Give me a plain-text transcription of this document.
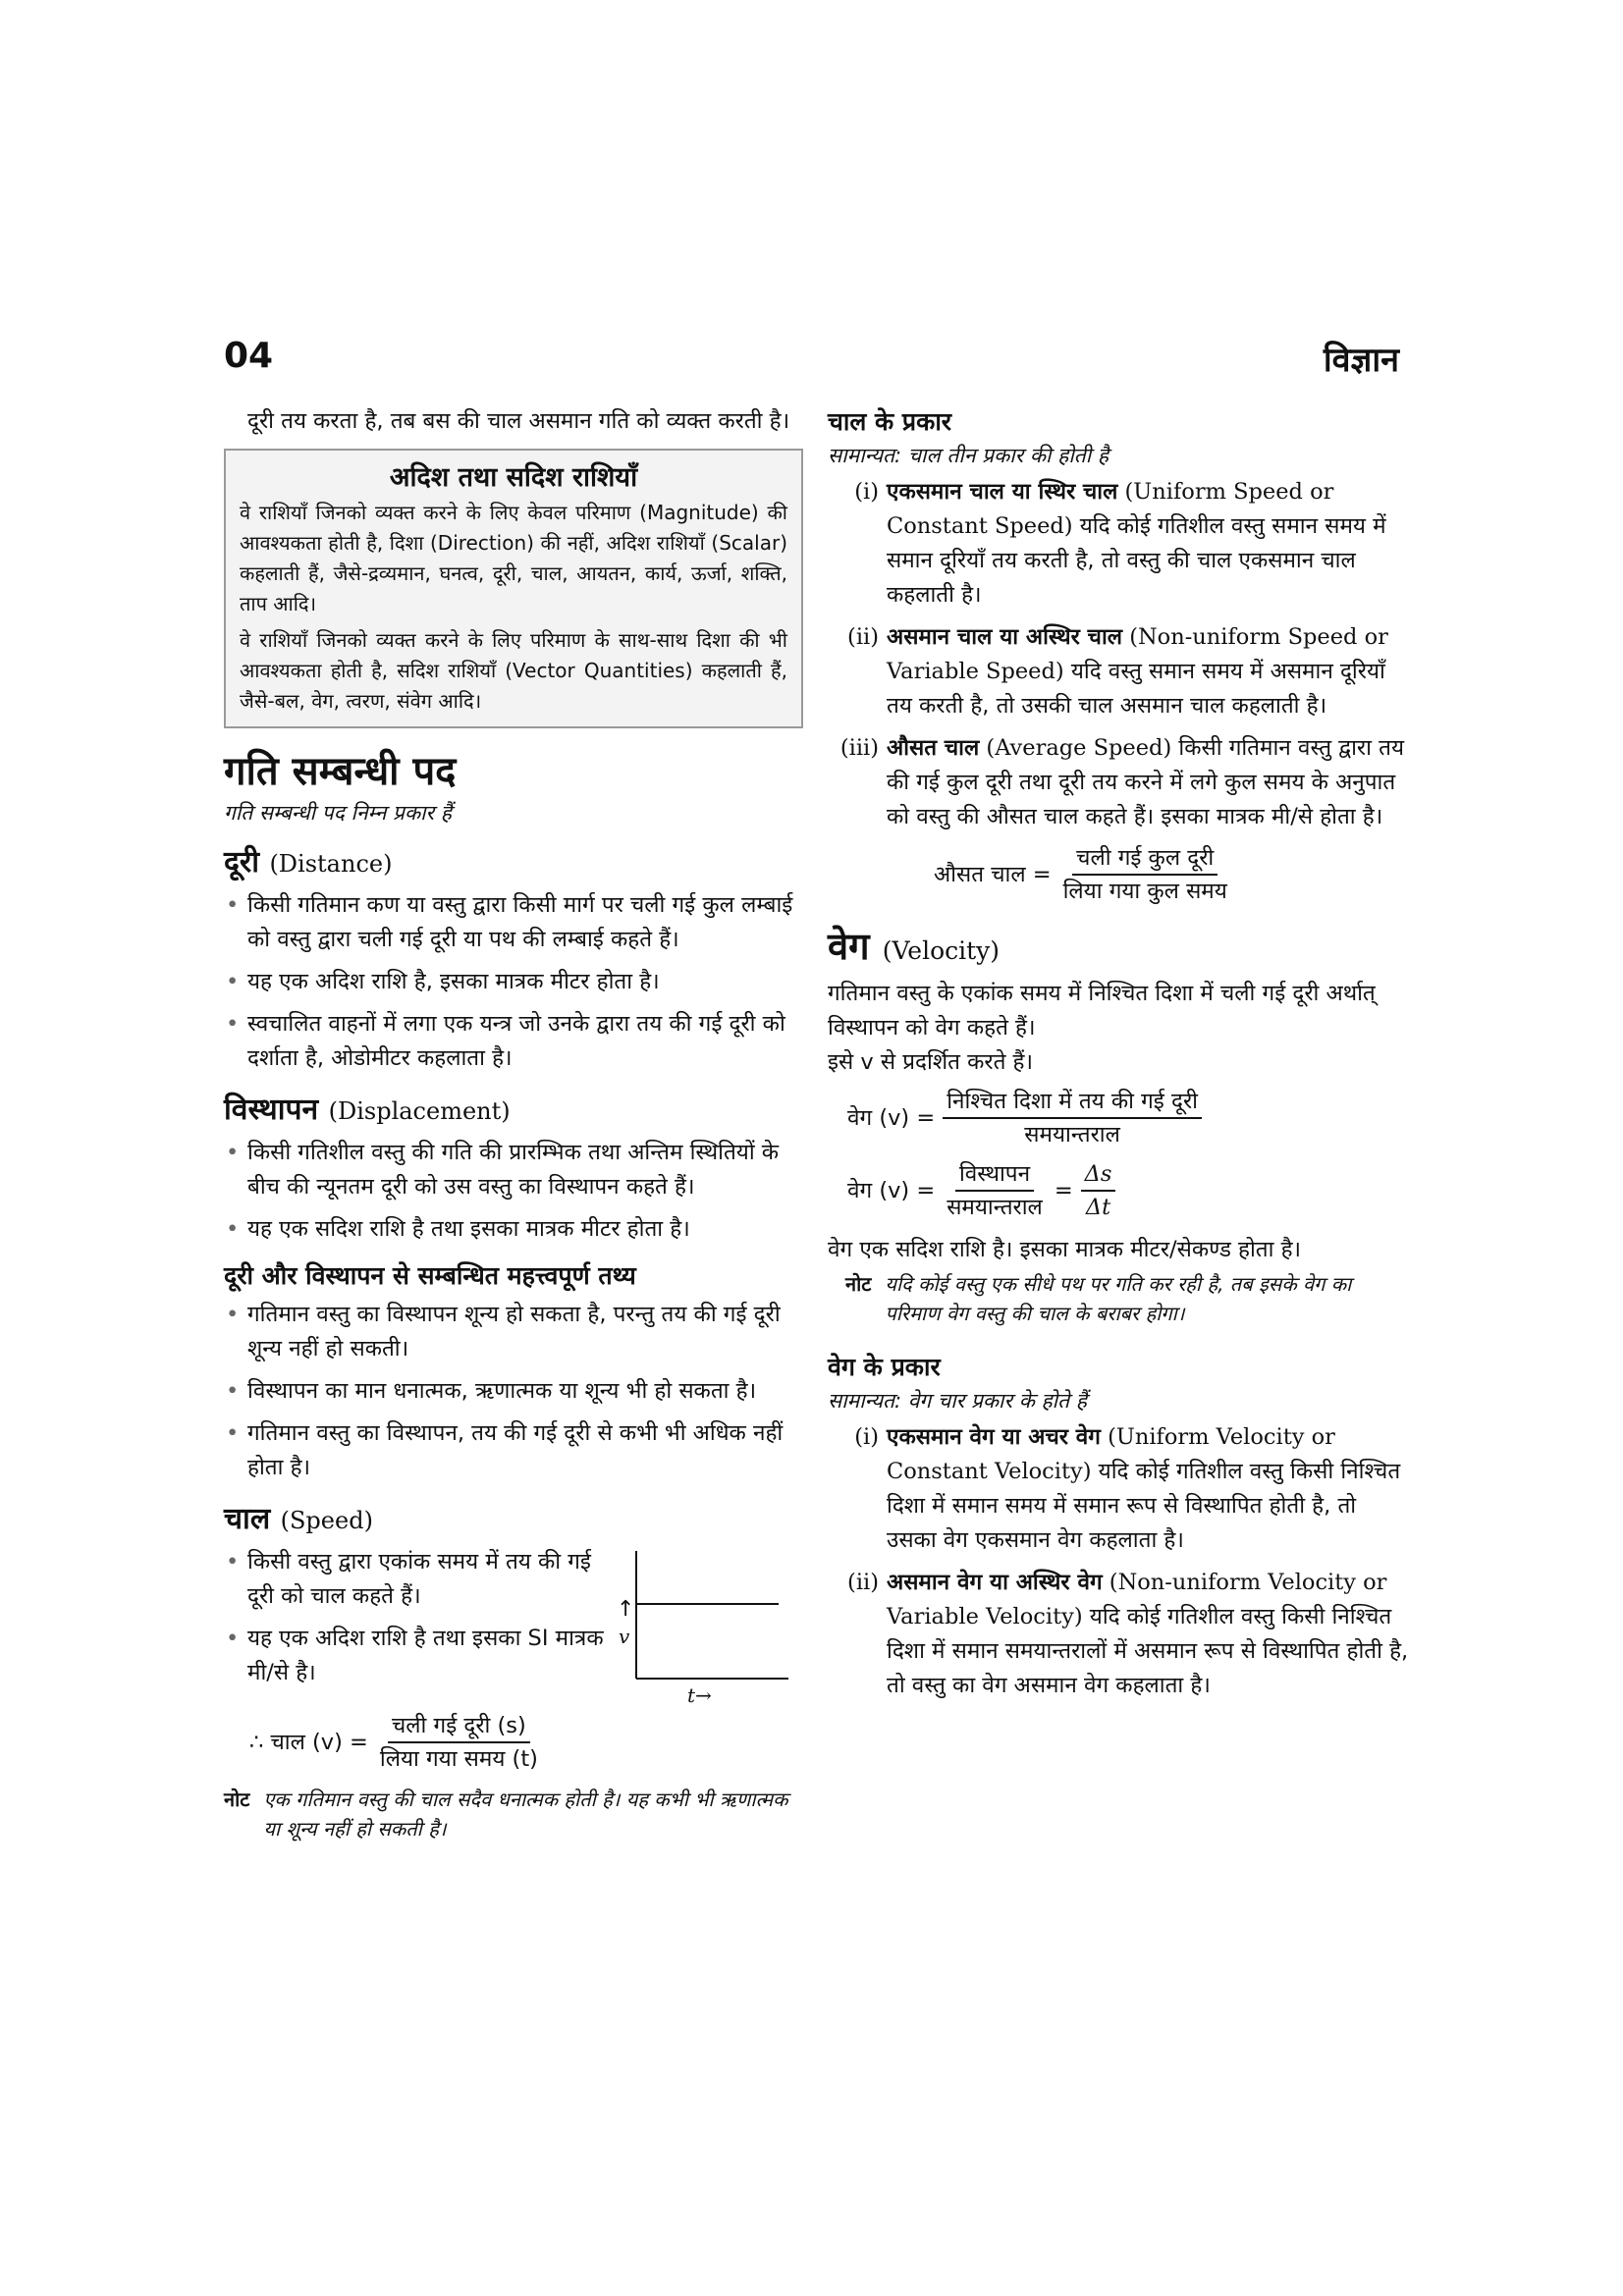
04	विज्ञान

दूरी तय करता है, तब बस की चाल असमान गति को व्यक्त करती है।

अदिश तथा सदिश राशियाँ

वे राशियाँ जिनको व्यक्त करने के लिए केवल परिमाण (Magnitude) की आवश्यकता होती है, दिशा (Direction) की नहीं, अदिश राशियाँ (Scalar) कहलाती हैं, जैसे-द्रव्यमान, घनत्व, दूरी, चाल, आयतन, कार्य, ऊर्जा, शक्ति, ताप आदि।

वे राशियाँ जिनको व्यक्त करने के लिए परिमाण के साथ-साथ दिशा की भी आवश्यकता होती है, सदिश राशियाँ (Vector Quantities) कहलाती हैं, जैसे-बल, वेग, त्वरण, संवेग आदि।

गति सम्बन्धी पद
गति सम्बन्धी पद निम्न प्रकार हैं
दूरी (Distance)
• किसी गतिमान कण या वस्तु द्वारा किसी मार्ग पर चली गई कुल लम्बाई को वस्तु द्वारा चली गई दूरी या पथ की लम्बाई कहते हैं।
• यह एक अदिश राशि है, इसका मात्रक मीटर होता है।
• स्वचालित वाहनों में लगा एक यन्त्र जो उनके द्वारा तय की गई दूरी को दर्शाता है, ओडोमीटर कहलाता है।
विस्थापन (Displacement)
• किसी गतिशील वस्तु की गति की प्रारम्भिक तथा अन्तिम स्थितियों के बीच की न्यूनतम दूरी को उस वस्तु का विस्थापन कहते हैं।
• यह एक सदिश राशि है तथा इसका मात्रक मीटर होता है।
दूरी और विस्थापन से सम्बन्धित महत्त्वपूर्ण तथ्य
• गतिमान वस्तु का विस्थापन शून्य हो सकता है, परन्तु तय की गई दूरी शून्य नहीं हो सकती।
• विस्थापन का मान धनात्मक, ऋणात्मक या शून्य भी हो सकता है।
• गतिमान वस्तु का विस्थापन, तय की गई दूरी से कभी भी अधिक नहीं होता है।
चाल (Speed)
• किसी वस्तु द्वारा एकांक समय में तय की गई दूरी को चाल कहते हैं।
• यह एक अदिश राशि है तथा इसका SI मात्रक मी/से है।
↑
v
t→
∴ चाल $(v) = \frac{\text{चली गई दूरी (s)}}{\text{लिया गया समय (t)}}$
नोट एक गतिमान वस्तु की चाल सदैव धनात्मक होती है। यह कभी भी ऋणात्मक या शून्य नहीं हो सकती है।
चाल के प्रकार
सामान्यत: चाल तीन प्रकार की होती है
(i) एकसमान चाल या स्थिर चाल (Uniform Speed or Constant Speed) यदि कोई गतिशील वस्तु समान समय में समान दूरियाँ तय करती है, तो वस्तु की चाल एकसमान चाल कहलाती है।
(ii) असमान चाल या अस्थिर चाल (Non-uniform Speed or Variable Speed) यदि वस्तु समान समय में असमान दूरियाँ तय करती है, तो उसकी चाल असमान चाल कहलाती है।
(iii) औसत चाल (Average Speed) किसी गतिमान वस्तु द्वारा तय की गई कुल दूरी तथा दूरी तय करने में लगे कुल समय के अनुपात को वस्तु की औसत चाल कहते हैं। इसका मात्रक मी/से होता है।
औसत चाल = $\frac{\text{चली गई कुल दूरी}}{\text{लिया गया कुल समय}}$
वेग (Velocity)

गतिमान वस्तु के एकांक समय में निश्चित दिशा में चली गई दूरी अर्थात् विस्थापन को वेग कहते हैं।

इसे v से प्रदर्शित करते हैं।

वेग $(v) = \frac{\text{निश्चित दिशा में तय की गई दूरी}}{\text{समयान्तराल}}$
वेग $(v) = \frac{\text{विस्थापन}}{\text{समयान्तराल}} = \frac{\Delta s}{\Delta t}$

वेग एक सदिश राशि है। इसका मात्रक मीटर/सेकण्ड होता है।

नोट यदि कोई वस्तु एक सीधे पथ पर गति कर रही है, तब इसके वेग का परिमाण वेग वस्तु की चाल के बराबर होगा।
वेग के प्रकार
सामान्यत: वेग चार प्रकार के होते हैं
(i) एकसमान वेग या अचर वेग (Uniform Velocity or Constant Velocity) यदि कोई गतिशील वस्तु किसी निश्चित दिशा में समान समय में समान रूप से विस्थापित होती है, तो उसका वेग एकसमान वेग कहलाता है।
(ii) असमान वेग या अस्थिर वेग (Non-uniform Velocity or Variable Velocity) यदि कोई गतिशील वस्तु किसी निश्चित दिशा में समान समयान्तरालों में असमान रूप से विस्थापित होती है, तो वस्तु का वेग असमान वेग कहलाता है।
